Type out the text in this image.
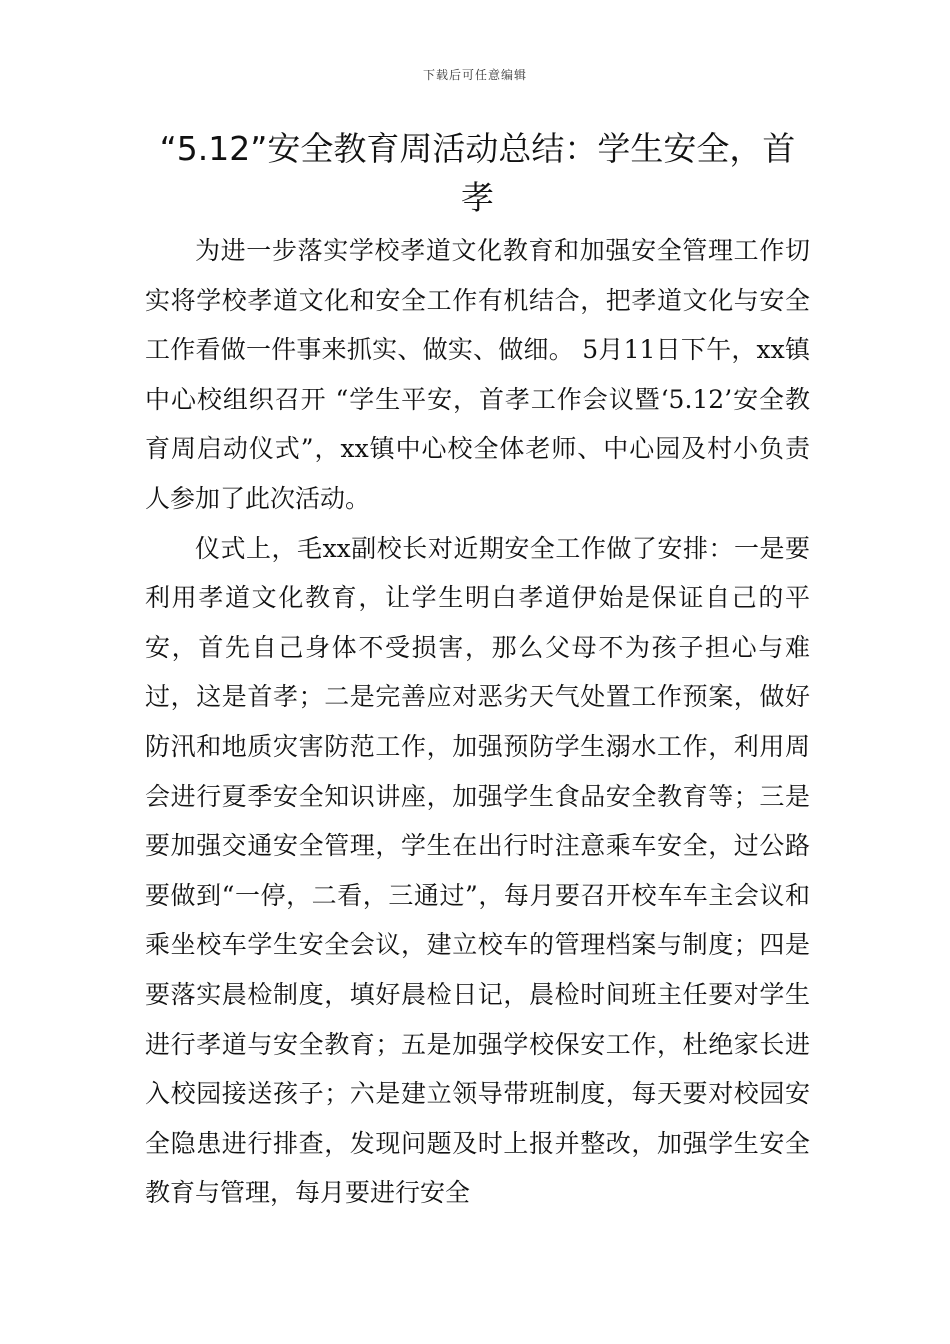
下载后可任意编辑
“5.12”安全教育周活动总结：学生安全，首孝

为进一步落实学校孝道文化教育和加强安全管理工作切实将学校孝道文化和安全工作有机结合，把孝道文化与安全工作看做一件事来抓实、做实、做细。 5月11日下午，xx镇中心校组织召开 “学生平安，首孝工作会议暨‘5.12’安全教育周启动仪式”，xx镇中心校全体老师、中心园及村小负责人参加了此次活动。

仪式上，毛xx副校长对近期安全工作做了安排：一是要利用孝道文化教育，让学生明白孝道伊始是保证自己的平安，首先自己身体不受损害，那么父母不为孩子担心与难过，这是首孝；二是完善应对恶劣天气处置工作预案，做好防汛和地质灾害防范工作，加强预防学生溺水工作，利用周会进行夏季安全知识讲座，加强学生食品安全教育等；三是要加强交通安全管理，学生在出行时注意乘车安全，过公路要做到“一停，二看，三通过”，每月要召开校车车主会议和乘坐校车学生安全会议，建立校车的管理档案与制度；四是要落实晨检制度，填好晨检日记，晨检时间班主任要对学生进行孝道与安全教育；五是加强学校保安工作，杜绝家长进入校园接送孩子；六是建立领导带班制度，每天要对校园安全隐患进行排查，发现问题及时上报并整改，加强学生安全教育与管理，每月要进行安全
